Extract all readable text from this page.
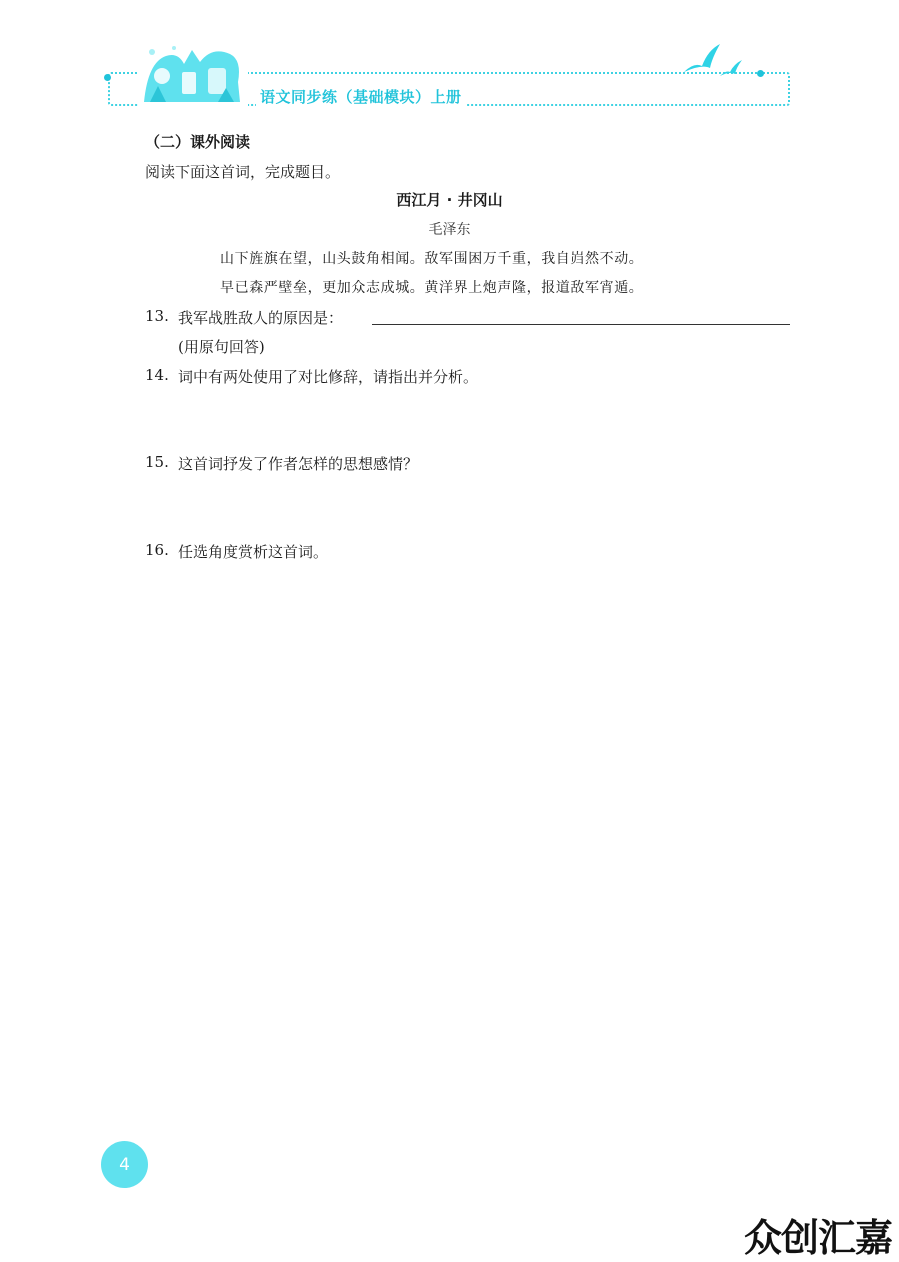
语文同步练（基础模块）上册
（二）课外阅读
阅读下面这首词，完成题目。
西江月 · 井冈山
毛泽东
山下旌旗在望，山头鼓角相闻。敌军围困万千重，我自岿然不动。
早已森严壁垒，更加众志成城。黄洋界上炮声隆，报道敌军宵遁。
13. 我军战胜敌人的原因是：
(用原句回答)
14. 词中有两处使用了对比修辞，请指出并分析。
15. 这首词抒发了作者怎样的思想感情？
16. 任选角度赏析这首词。
4
众创汇嘉
